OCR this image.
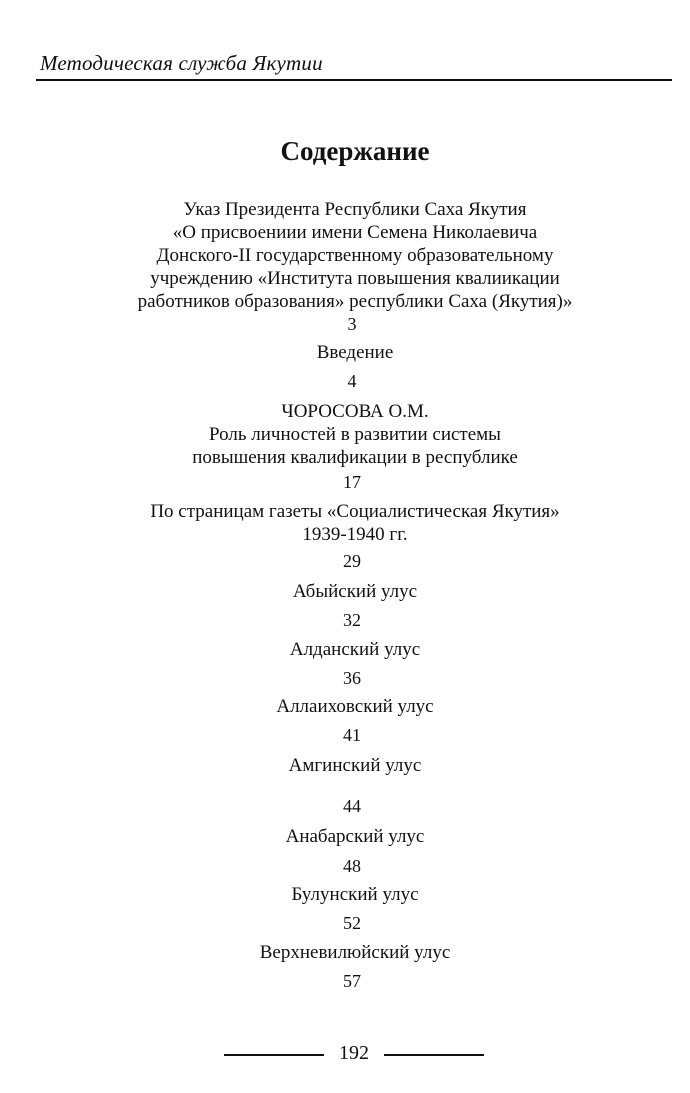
Методическая служба Якутии
Содержание
Указ Президента Республики Саха Якутия
«О присвоениии имени Семена Николаевича
Донского-II государственному образовательному
учреждению «Института повышения квалиикации
работников образования» республики Саха (Якутия)»
3
Введение
4
ЧОРОСОВА О.М.
Роль личностей в развитии системы
повышения квалификации в республике
17
По страницам газеты «Социалистическая Якутия»
1939-1940 гг.
29
Абыйский улус
32
Алданский улус
36
Аллаиховский улус
41
Амгинский улус
44
Анабарский улус
48
Булунский улус
52
Верхневилюйский улус
57
192
